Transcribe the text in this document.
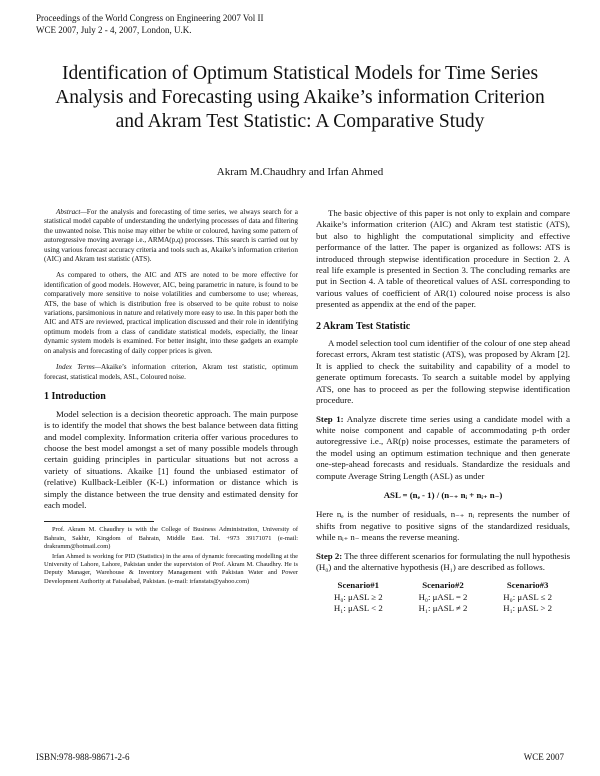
Proceedings of the World Congress on Engineering 2007 Vol II
WCE 2007, July 2 - 4, 2007, London, U.K.
Identification of Optimum Statistical Models for Time Series Analysis and Forecasting using Akaike’s information Criterion and Akram Test Statistic: A Comparative Study
Akram M.Chaudhry and Irfan Ahmed

Abstract—For the analysis and forecasting of time series, we always search for a statistical model capable of understanding the underlying processes of data and filtering the unwanted noise. This noise may either be white or coloured, having some pattern of autoregressive moving average i.e., ARMA(p,q) processes. This search is carried out by using various forecast accuracy criteria and tools such as, Akaike’s information criterion (AIC) and Akram test statistic (ATS).

As compared to others, the AIC and ATS are noted to be more effective for identification of good models. However, AIC, being parametric in nature, is found to be comparatively more sensitive to noise volatilities and cumbersome to use; whereas, ATS, the base of which is distribution free is observed to be quite robust to noise variations, parsimonious in nature and relatively more easy to use. In this paper both the AIC and ATS are reviewed, practical implication discussed and their role in identifying optimum models from a class of candidate statistical models, especially, the linear dynamic system models is examined. For better insight, into these gadgets an example on analysis and forecasting of daily copper prices is given.

Index Terms—Akaike’s information criterion, Akram test statistic, optimum forecast, statistical models, ASL, Coloured noise.

1 Introduction

Model selection is a decision theoretic approach. The main purpose is to identify the model that shows the best balance between data fitting and model complexity. Information criteria offer various procedures to choose the best model amongst a set of many possible models through certain guiding principles in particular situations but not across a variety of situations. Akaike [1] found the unbiased estimator of (relative) Kullback-Leibler (K-L) information or distance which is simply the distance between the true density and estimated density for each model.

Prof. Akram M. Chaudhry is with the College of Business Administration, University of Bahrain, Sakhir, Kingdom of Bahrain, Middle East. Tel. +973 39171071 (e-mail: drakramm@hotmail.com)

Irfan Ahmed is working for PID (Statistics) in the area of dynamic forecasting modelling at the University of Lahore, Lahore, Pakistan under the supervision of Prof. Akram M. Chaudhry. He is Deputy Manager, Warehouse & Inventory Management with Pakistan Water and Power Development Authority at Faisalabad, Pakistan. (e-mail: irfanstats@yahoo.com)

The basic objective of this paper is not only to explain and compare Akaike’s information criterion (AIC) and Akram test statistic (ATS), but also to highlight the computational simplicity and effective performance of the latter. The paper is organized as follows: ATS is introduced through stepwise identification procedure in Section 2. A real life example is presented in Section 3. The concluding remarks are put in Section 4. A table of theoretical values of ASL corresponding to various values of coefficient of AR(1) coloured noise process is also presented as appendix at the end of the paper.

2 Akram Test Statistic

A model selection tool cum identifier of the colour of one step ahead forecast errors, Akram test statistic (ATS), was proposed by Akram [2]. It is applied to check the suitability and capability of a model to generate optimum forecasts. To search a suitable model by applying ATS, one has to proceed as per the following stepwise identification procedure.

Step 1: Analyze discrete time series using a candidate model with a white noise component and capable of accommodating p-th order autoregressive i.e., AR(p) noise processes, estimate the parameters of the model using an optimum estimation technique and then generate one-step-ahead forecasts and residuals. Standardize the residuals and compute Average String Length (ASL) as under

ASL = (nₑ - 1) / (n₋₊ nᵢ + nᵢ₊ n₋)

Here nₑ is the number of residuals, n₋₊ nᵢ represents the number of shifts from negative to positive signs of the standardized residuals, while nᵢ₊ n₋ means the reverse meaning.

Step 2: The three different scenarios for formulating the null hypothesis (H₀) and the alternative hypothesis (H₁) are described as follows.

Scenario#1
H₀: μASL ≥ 2
H₁: μASL < 2
Scenario#2
H₀: μASL = 2
H₁: μASL ≠ 2
Scenario#3
H₀: μASL ≤ 2
H₁: μASL > 2
ISBN:978-988-98671-2-6	WCE 2007
